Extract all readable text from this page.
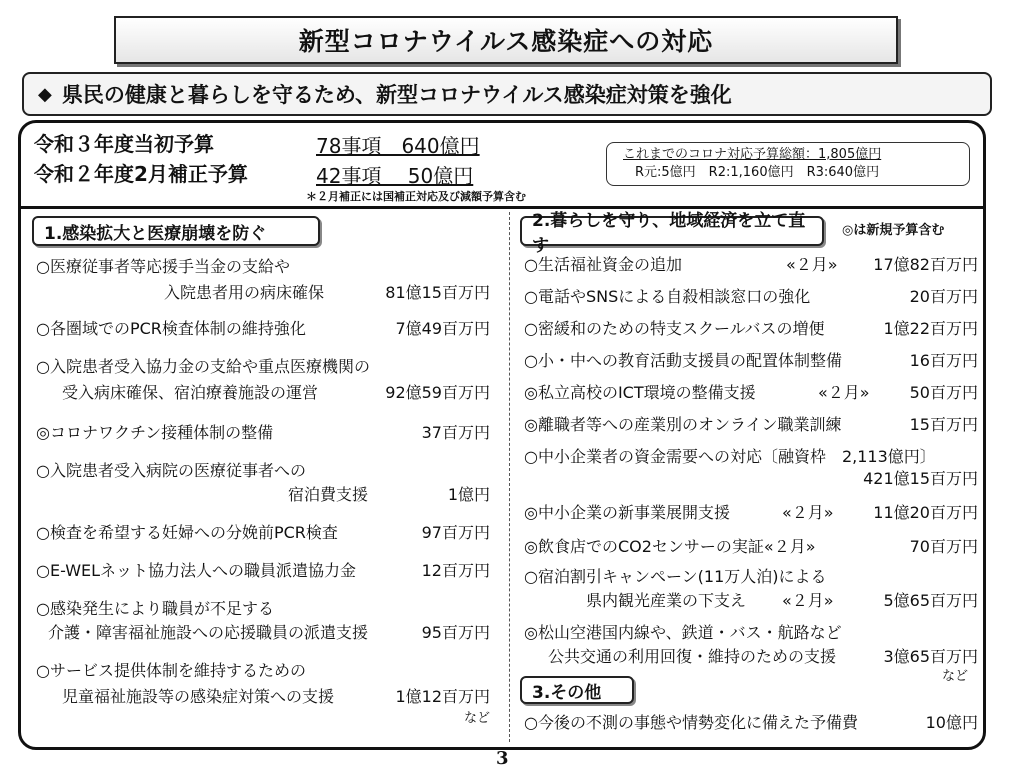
新型コロナウイルス感染症への対応
◆ 県民の健康と暮らしを守るため、新型コロナウイルス感染症対策を強化
令和３年度当初予算	78事項　640億円
令和２年度2月補正予算	42事項　 50億円
＊２月補正には国補正対応及び減額予算含む
これまでのコロナ対応予算総額：1,805億円
R元:5億円　R2:1,160億円　R3:640億円
1.感染拡大と医療崩壊を防ぐ
○医療従事者等応援手当金の支給や
入院患者用の病床確保	81億15百万円
○各圏域でのPCR検査体制の維持強化	7億49百万円
○入院患者受入協力金の支給や重点医療機関の
受入病床確保、宿泊療養施設の運営	92億59百万円
◎コロナワクチン接種体制の整備	37百万円
○入院患者受入病院の医療従事者への
宿泊費支援	1億円
○検査を希望する妊婦への分娩前PCR検査	97百万円
○E-WELネット協力法人への職員派遣協力金	12百万円
○感染発生により職員が不足する
介護・障害福祉施設への応援職員の派遣支援	95百万円
○サービス提供体制を維持するための
児童福祉施設等の感染症対策への支援	1億12百万円
など
2.暮らしを守り、地域経済を立て直す
◎は新規予算含む
○生活福祉資金の追加	«２月» 17億82百万円
○電話やSNSによる自殺相談窓口の強化	20百万円
○密緩和のための特支スクールバスの増便	1億22百万円
○小・中への教育活動支援員の配置体制整備	16百万円
◎私立高校のICT環境の整備支援	«２月»	50百万円
◎離職者等への産業別のオンライン職業訓練	15百万円
○中小企業者の資金需要への対応〔融資枠　2,113億円〕
421億15百万円
◎中小企業の新事業展開支援	«２月» 11億20百万円
◎飲食店でのCO2センサーの実証«２月»	70百万円
○宿泊割引キャンペーン(11万人泊)による
県内観光産業の下支え «２月»	5億65百万円
◎松山空港国内線や、鉄道・バス・航路など
公共交通の利用回復・維持のための支援	3億65百万円
など
3.その他
○今後の不測の事態や情勢変化に備えた予備費	10億円
3
